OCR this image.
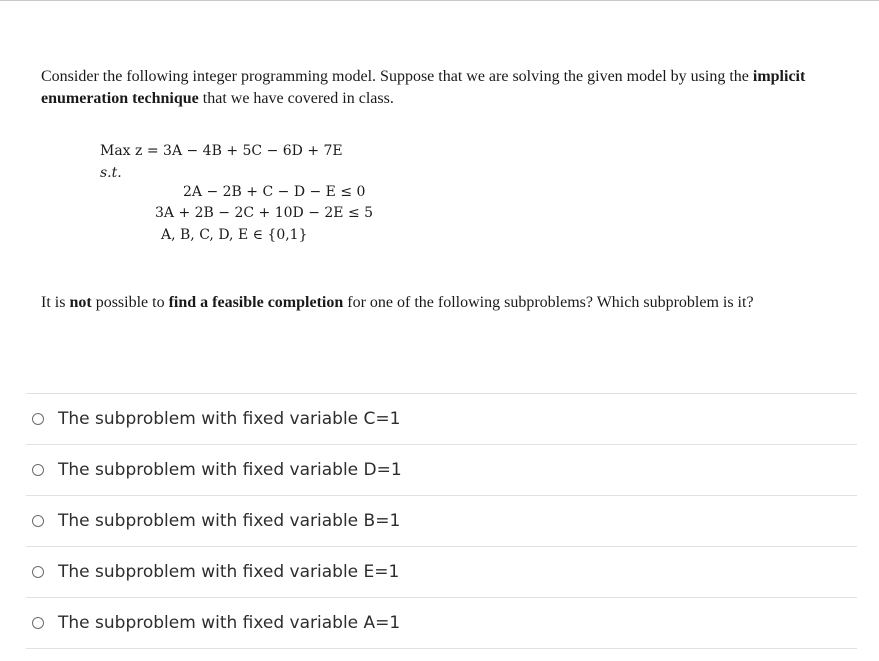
Consider the following integer programming model. Suppose that we are solving the given model by using the implicit enumeration technique that we have covered in class.
Max z = 3A − 4B + 5C − 6D + 7E
s.t.
2A − 2B + C − D − E ≤ 0
3A + 2B − 2C + 10D − 2E ≤ 5
A, B, C, D, E ∈ {0,1}
It is not possible to find a feasible completion for one of the following subproblems? Which subproblem is it?
The subproblem with fixed variable C=1
The subproblem with fixed variable D=1
The subproblem with fixed variable B=1
The subproblem with fixed variable E=1
The subproblem with fixed variable A=1
